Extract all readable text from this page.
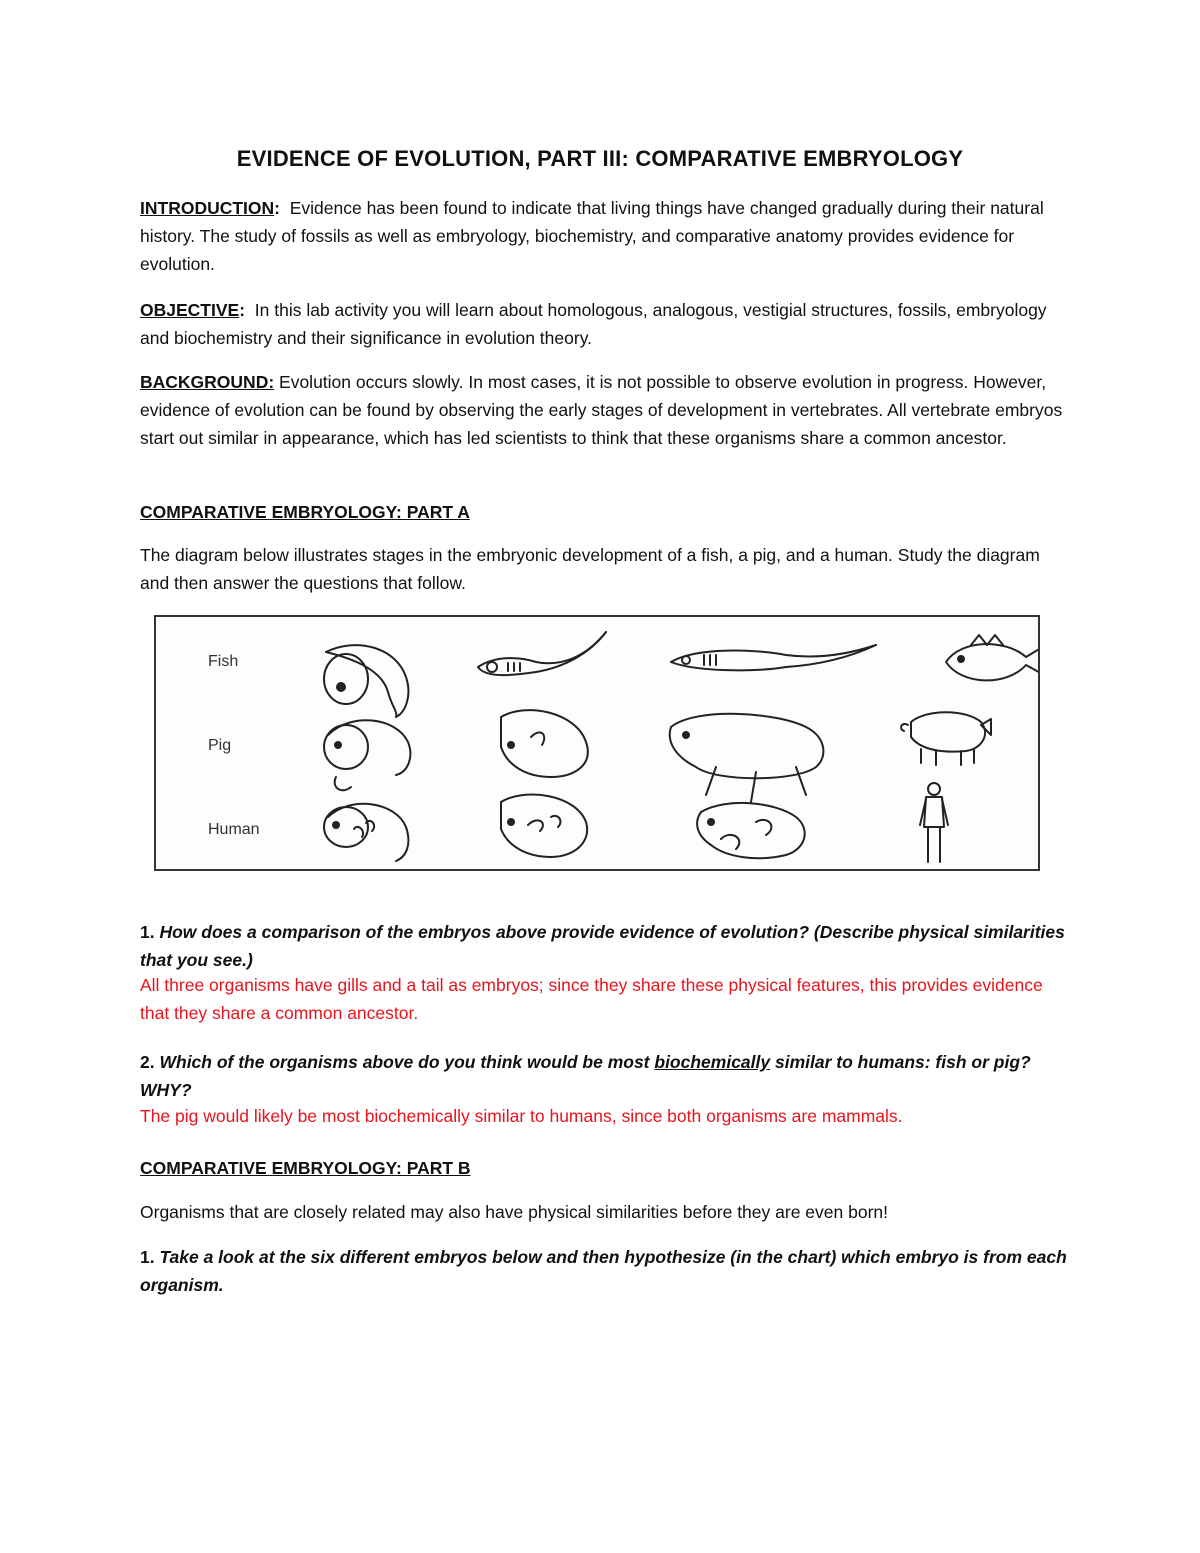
EVIDENCE OF EVOLUTION, PART III: COMPARATIVE EMBRYOLOGY
INTRODUCTION: Evidence has been found to indicate that living things have changed gradually during their natural history. The study of fossils as well as embryology, biochemistry, and comparative anatomy provides evidence for evolution.
OBJECTIVE: In this lab activity you will learn about homologous, analogous, vestigial structures, fossils, embryology and biochemistry and their significance in evolution theory.
BACKGROUND: Evolution occurs slowly. In most cases, it is not possible to observe evolution in progress. However, evidence of evolution can be found by observing the early stages of development in vertebrates. All vertebrate embryos start out similar in appearance, which has led scientists to think that these organisms share a common ancestor.
COMPARATIVE EMBRYOLOGY: PART A
The diagram below illustrates stages in the embryonic development of a fish, a pig, and a human. Study the diagram and then answer the questions that follow.
Fish
Pig
Human
1. How does a comparison of the embryos above provide evidence of evolution? (Describe physical similarities that you see.)
All three organisms have gills and a tail as embryos; since they share these physical features, this provides evidence that they share a common ancestor.
2. Which of the organisms above do you think would be most biochemically similar to humans: fish or pig? WHY?
The pig would likely be most biochemically similar to humans, since both organisms are mammals.
COMPARATIVE EMBRYOLOGY: PART B
Organisms that are closely related may also have physical similarities before they are even born!
1. Take a look at the six different embryos below and then hypothesize (in the chart) which embryo is from each organism.
